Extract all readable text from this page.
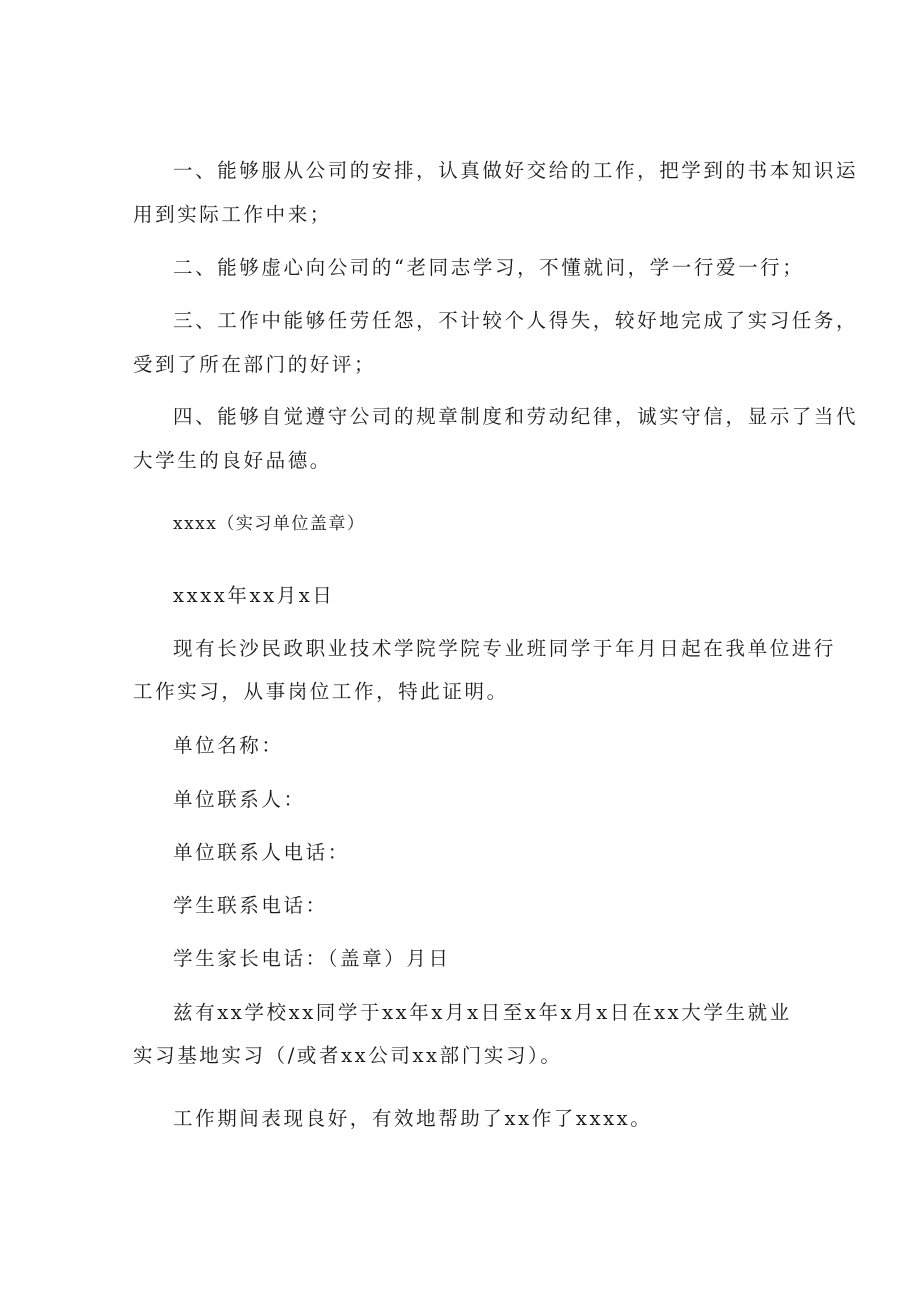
一、能够服从公司的安排，认真做好交给的工作，把学到的书本知识运
用到实际工作中来；
二、能够虚心向公司的“老同志学习，不懂就问，学一行爱一行；
三、工作中能够任劳任怨，不计较个人得失，较好地完成了实习任务，
受到了所在部门的好评；
四、能够自觉遵守公司的规章制度和劳动纪律，诚实守信，显示了当代
大学生的良好品德。
xxxx（实习单位盖章）
xxxx年xx月x日
现有长沙民政职业技术学院学院专业班同学于年月日起在我单位进行
工作实习，从事岗位工作，特此证明。
单位名称：
单位联系人：
单位联系人电话：
学生联系电话：
学生家长电话：（盖章）月日
兹有xx学校xx同学于xx年x月x日至x年x月x日在xx大学生就业
实习基地实习（/或者xx公司xx部门实习）。
工作期间表现良好，有效地帮助了xx作了xxxx。
